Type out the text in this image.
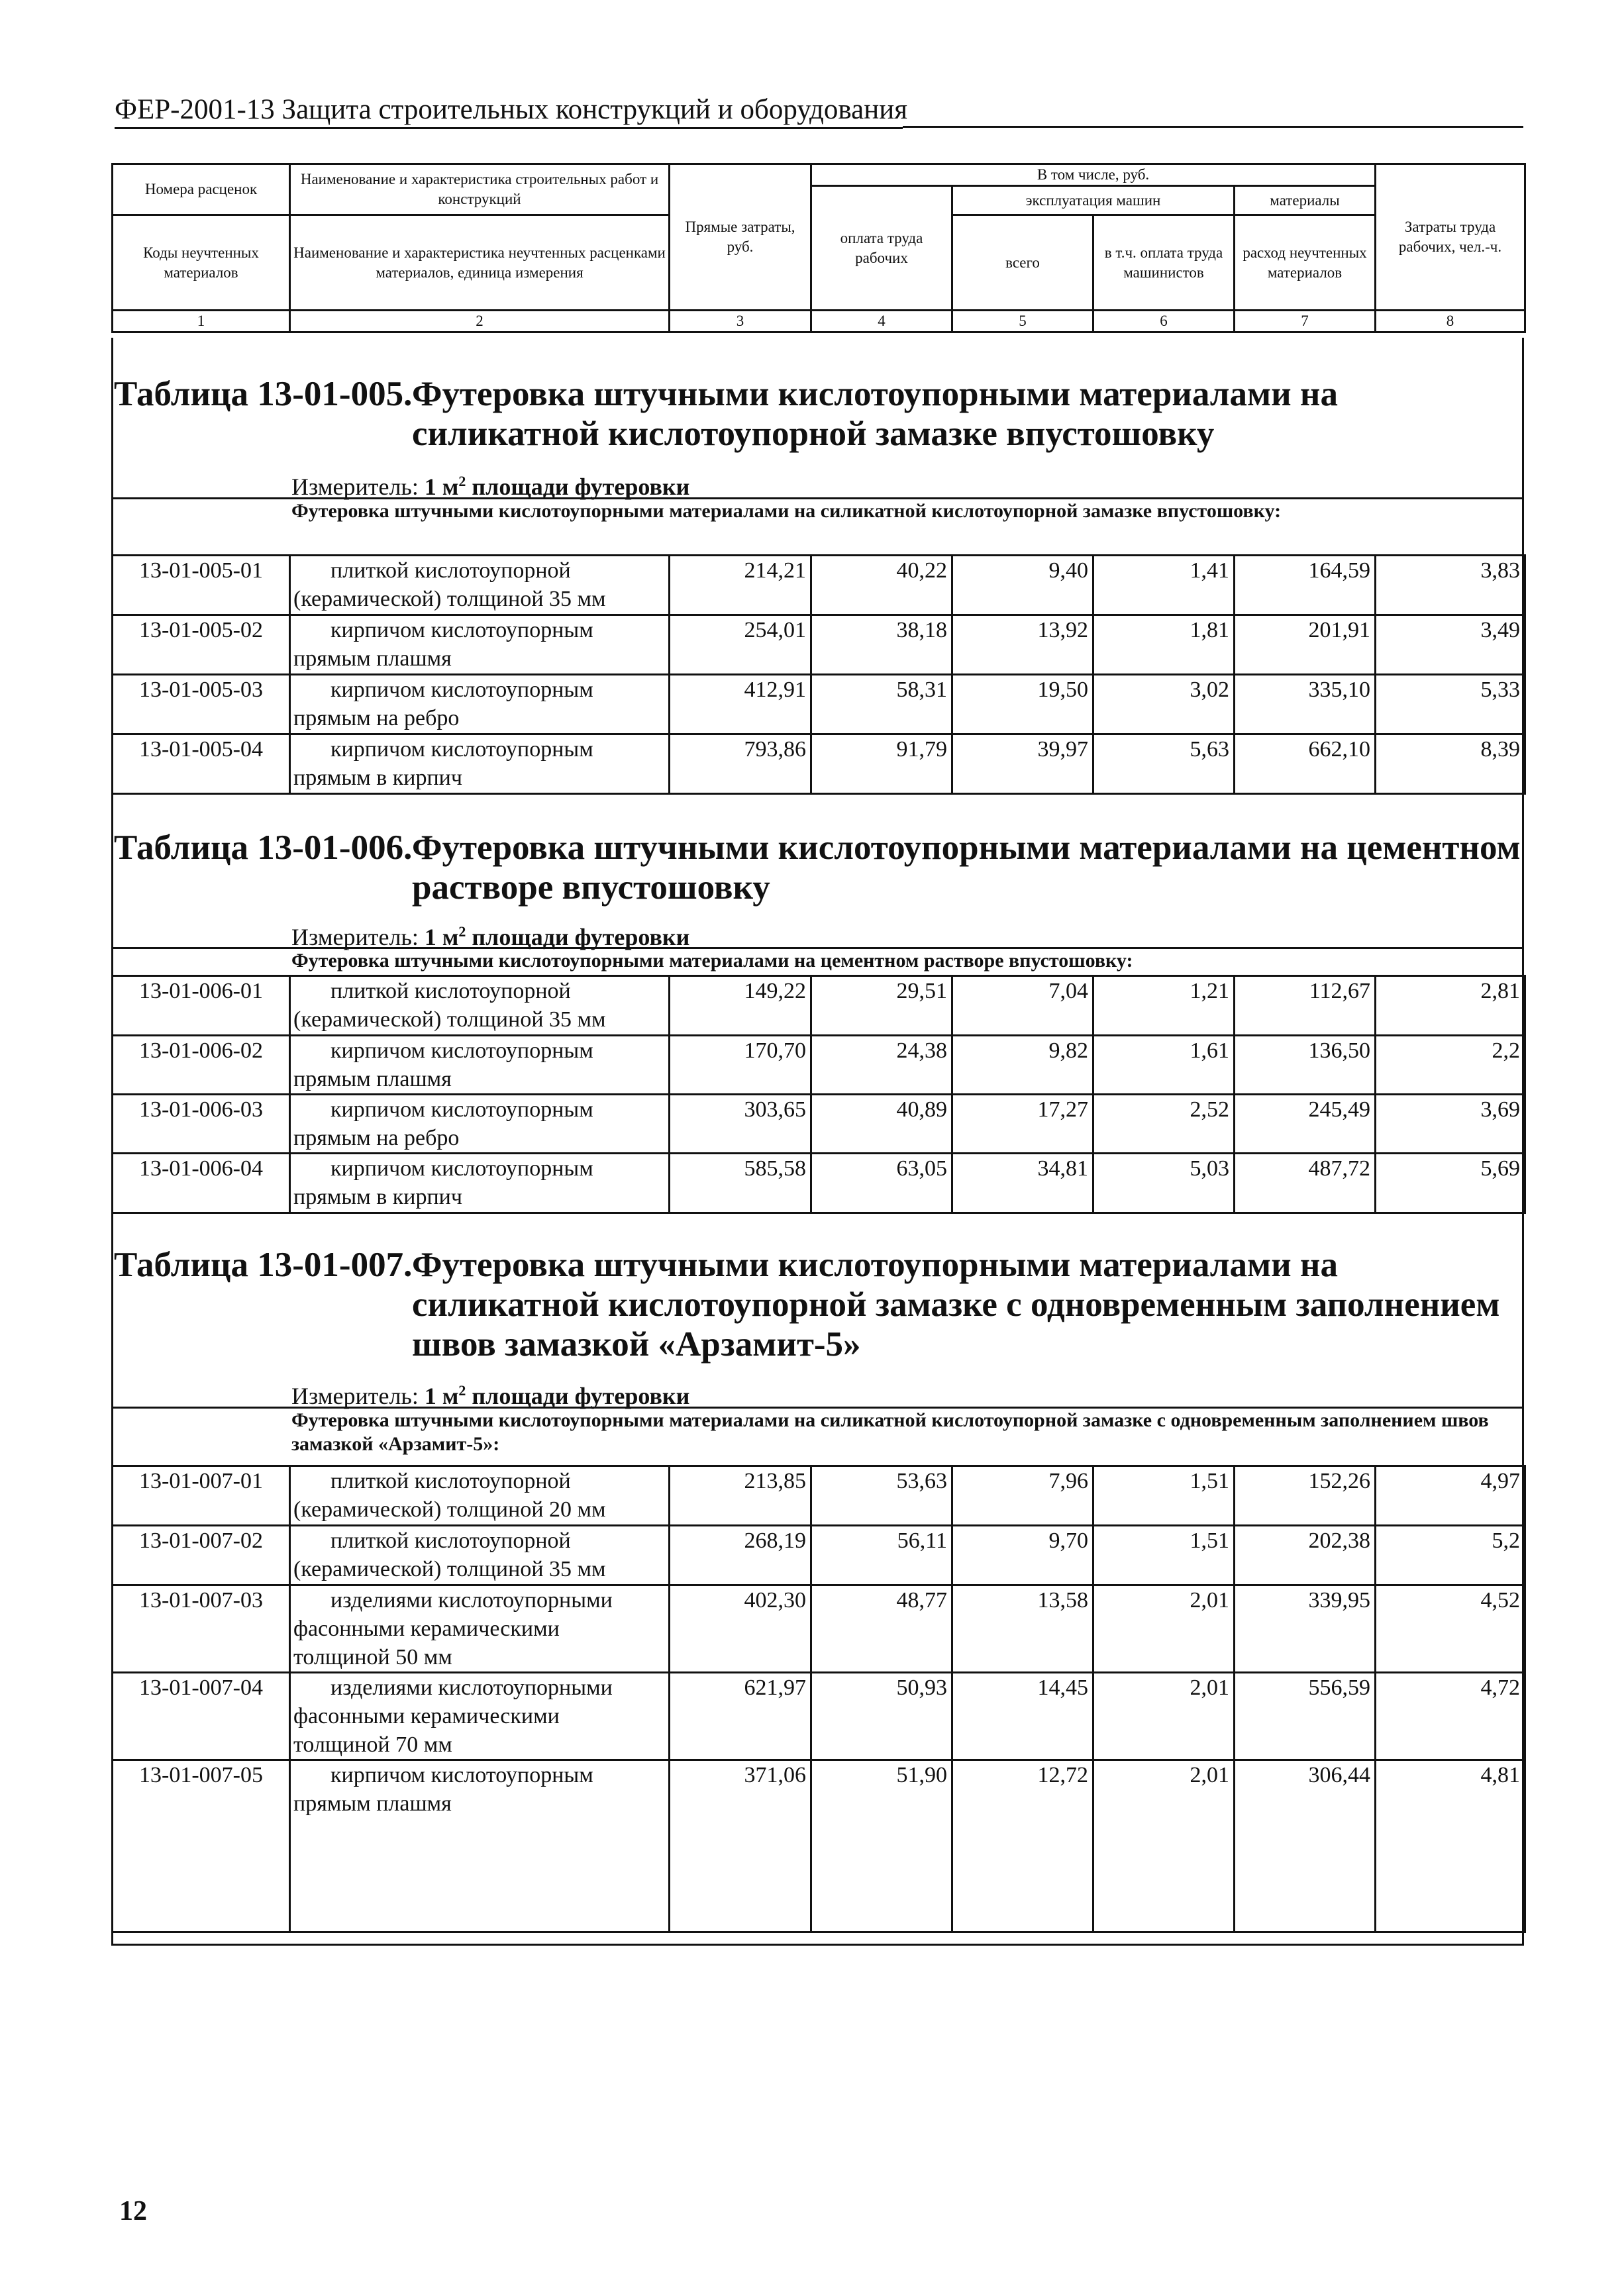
ФЕР-2001-13 Защита строительных конструкций и оборудования
Номера расценок	Наименование и характеристика строительных работ и конструкций	Прямые затраты, руб.	В том числе, руб.				Затраты труда рабочих, чел.-ч.
			оплата труда рабочих	эксплуатация машин		материалы	
Коды неучтенных материалов	Наименование и характеристика неучтенных расценками материалов, единица измерения			всего	в т.ч. оплата труда машинистов	расход неучтенных материалов	

1	2	3	4	5	6	7	8
Таблица 13-01-005. Футеровка штучными кислотоупорными материалами на силикатной кислотоупорной замазке впустошовку
Измеритель: 1 $м^2$ площади футеровки
Футеровка штучными кислотоупорными материалами на силикатной кислотоупорной замазке впустошовку:
13-01-005-01	плиткой кислотоупорной
(керамической) толщиной 35 мм	214,21	40,22	9,40	1,41	164,59	3,83
13-01-005-02	кирпичом кислотоупорным
прямым плашмя	254,01	38,18	13,92	1,81	201,91	3,49
13-01-005-03	кирпичом кислотоупорным
прямым на ребро	412,91	58,31	19,50	3,02	335,10	5,33
13-01-005-04	кирпичом кислотоупорным
прямым в кирпич	793,86	91,79	39,97	5,63	662,10	8,39
Таблица 13-01-006. Футеровка штучными кислотоупорными материалами на цементном растворе впустошовку
Измеритель: 1 $м^2$ площади футеровки
Футеровка штучными кислотоупорными материалами на цементном растворе впустошовку:
13-01-006-01	плиткой кислотоупорной
(керамической) толщиной 35 мм	149,22	29,51	7,04	1,21	112,67	2,81
13-01-006-02	кирпичом кислотоупорным
прямым плашмя	170,70	24,38	9,82	1,61	136,50	2,2
13-01-006-03	кирпичом кислотоупорным
прямым на ребро	303,65	40,89	17,27	2,52	245,49	3,69
13-01-006-04	кирпичом кислотоупорным
прямым в кирпич	585,58	63,05	34,81	5,03	487,72	5,69
Таблица 13-01-007. Футеровка штучными кислотоупорными материалами на силикатной кислотоупорной замазке с одновременным заполнением швов замазкой «Арзамит-5»
Измеритель: 1 $м^2$ площади футеровки
Футеровка штучными кислотоупорными материалами на силикатной кислотоупорной замазке с одновременным заполнением швов замазкой «Арзамит-5»:
13-01-007-01	плиткой кислотоупорной
(керамической) толщиной 20 мм	213,85	53,63	7,96	1,51	152,26	4,97
13-01-007-02	плиткой кислотоупорной
(керамической) толщиной 35 мм	268,19	56,11	9,70	1,51	202,38	5,2
13-01-007-03	изделиями кислотоупорными
фасонными керамическими
толщиной 50 мм	402,30	48,77	13,58	2,01	339,95	4,52
13-01-007-04	изделиями кислотоупорными
фасонными керамическими
толщиной 70 мм	621,97	50,93	14,45	2,01	556,59	4,72
13-01-007-05	кирпичом кислотоупорным
прямым плашмя	371,06	51,90	12,72	2,01	306,44	4,81
12
